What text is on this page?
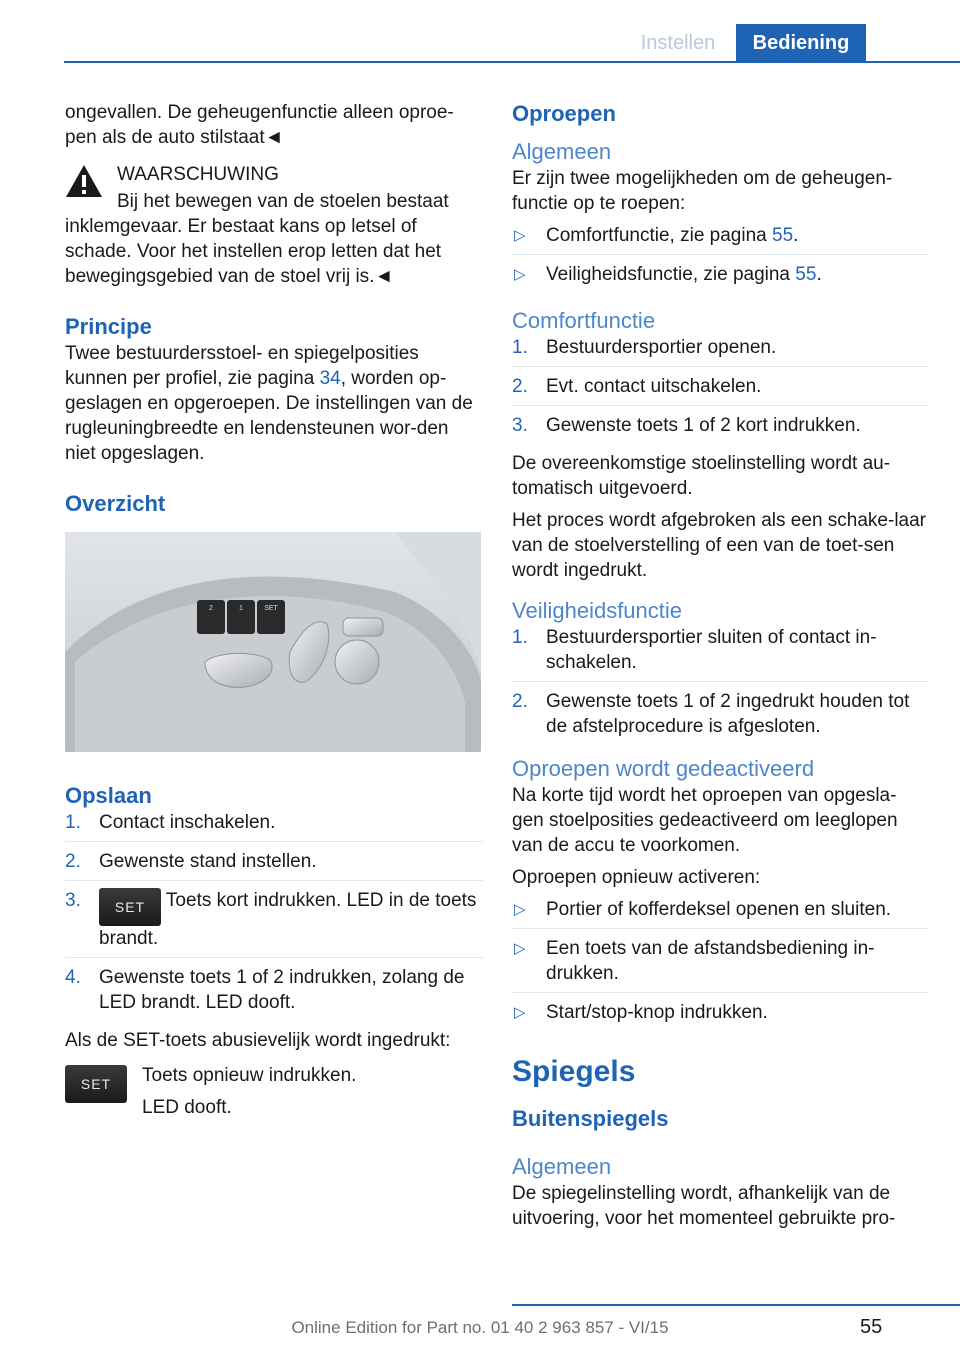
Instellen Bediening

ongevallen. De geheugenfunctie alleen oproe-pen als de auto stilstaat◄

WAARSCHUWING

Bij het bewegen van de stoelen bestaat inklemgevaar. Er bestaat kans op letsel of schade. Voor het instellen erop letten dat het bewegingsgebied van de stoel vrij is.◄

Principe

Twee bestuurdersstoel- en spiegelposities kunnen per profiel, zie pagina 34, worden op-geslagen en opgeroepen. De instellingen van de rugleuningbreedte en lendensteunen wor-den niet opgeslagen.

Overzicht
2	1	SET
Opslaan
1. Contact inschakelen.
2. Gewenste stand instellen.
3. SET Toets kort indrukken. LED in de toets brandt.
4. Gewenste toets 1 of 2 indrukken, zolang de LED brandt. LED dooft.

Als de SET-toets abusievelijk wordt ingedrukt:

SET	Toets opnieuw indrukken.

LED dooft.

Oproepen
Algemeen

Er zijn twee mogelijkheden om de geheugen-functie op te roepen:

▷ Comfortfunctie, zie pagina 55.
▷ Veiligheidsfunctie, zie pagina 55.
Comfortfunctie
1. Bestuurdersportier openen.
2. Evt. contact uitschakelen.
3. Gewenste toets 1 of 2 kort indrukken.

De overeenkomstige stoelinstelling wordt au-tomatisch uitgevoerd.

Het proces wordt afgebroken als een schake-laar van de stoelverstelling of een van de toet-sen wordt ingedrukt.

Veiligheidsfunctie
1. Bestuurdersportier sluiten of contact in-schakelen.
2. Gewenste toets 1 of 2 ingedrukt houden tot de afstelprocedure is afgesloten.
Oproepen wordt gedeactiveerd

Na korte tijd wordt het oproepen van opgesla-gen stoelposities gedeactiveerd om leeglopen van de accu te voorkomen.

Oproepen opnieuw activeren:

▷ Portier of kofferdeksel openen en sluiten.
▷ Een toets van de afstandsbediening in-drukken.
▷ Start/stop-knop indrukken.
Spiegels
Buitenspiegels
Algemeen

De spiegelinstelling wordt, afhankelijk van de uitvoering, voor het momenteel gebruikte pro-

55
Online Edition for Part no. 01 40 2 963 857 - VI/15
